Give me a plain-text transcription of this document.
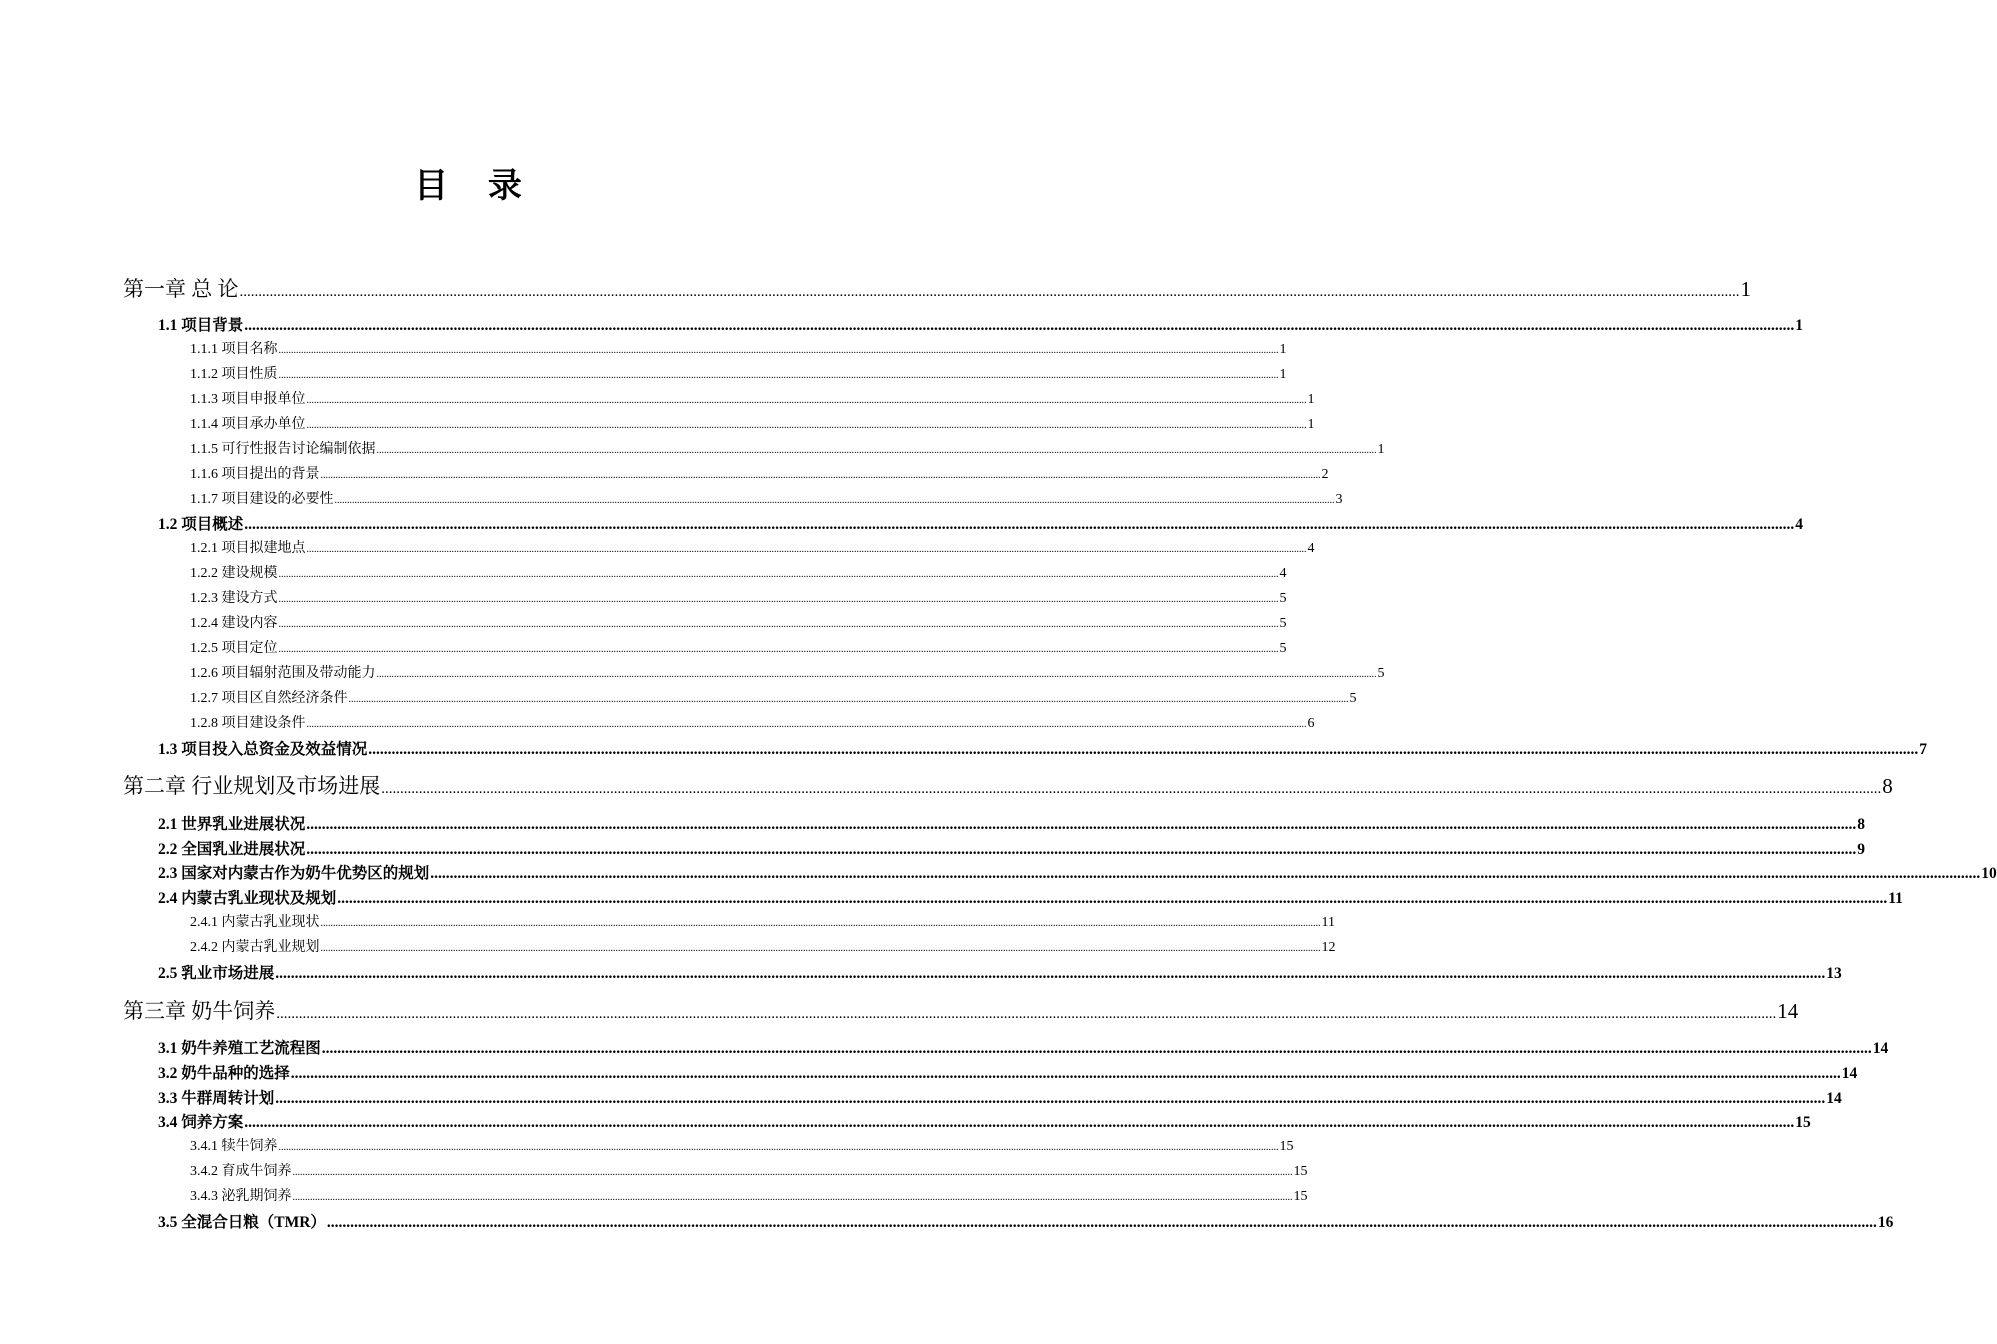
目 录
第一章 总 论 ................................................................................................................................................................................................................................................................................................................................................................................................................ 1
1.1 项目背景 ................................................................................................................................................................................................................................................................................................................................................................................................................ 1
1.1.1 项目名称 ................................................................................................................................................................................................................................................................................................................................................................................................................ 1
1.1.2 项目性质 ................................................................................................................................................................................................................................................................................................................................................................................................................ 1
1.1.3 项目申报单位 ................................................................................................................................................................................................................................................................................................................................................................................................................ 1
1.1.4 项目承办单位 ................................................................................................................................................................................................................................................................................................................................................................................................................ 1
1.1.5 可行性报告讨论编制依据 ................................................................................................................................................................................................................................................................................................................................................................................................................ 1
1.1.6 项目提出的背景 ................................................................................................................................................................................................................................................................................................................................................................................................................ 2
1.1.7 项目建设的必要性 ................................................................................................................................................................................................................................................................................................................................................................................................................ 3
1.2 项目概述 ................................................................................................................................................................................................................................................................................................................................................................................................................ 4
1.2.1 项目拟建地点 ................................................................................................................................................................................................................................................................................................................................................................................................................ 4
1.2.2 建设规模 ................................................................................................................................................................................................................................................................................................................................................................................................................ 4
1.2.3 建设方式 ................................................................................................................................................................................................................................................................................................................................................................................................................ 5
1.2.4 建设内容 ................................................................................................................................................................................................................................................................................................................................................................................................................ 5
1.2.5 项目定位 ................................................................................................................................................................................................................................................................................................................................................................................................................ 5
1.2.6 项目辐射范围及带动能力 ................................................................................................................................................................................................................................................................................................................................................................................................................ 5
1.2.7 项目区自然经济条件 ................................................................................................................................................................................................................................................................................................................................................................................................................ 5
1.2.8 项目建设条件 ................................................................................................................................................................................................................................................................................................................................................................................................................ 6
1.3 项目投入总资金及效益情况 ................................................................................................................................................................................................................................................................................................................................................................................................................ 7
第二章 行业规划及市场进展 ................................................................................................................................................................................................................................................................................................................................................................................................................ 8
2.1 世界乳业进展状况 ................................................................................................................................................................................................................................................................................................................................................................................................................ 8
2.2 全国乳业进展状况 ................................................................................................................................................................................................................................................................................................................................................................................................................ 9
2.3 国家对内蒙古作为奶牛优势区的规划 ................................................................................................................................................................................................................................................................................................................................................................................................................ 10
2.4 内蒙古乳业现状及规划 ................................................................................................................................................................................................................................................................................................................................................................................................................ 11
2.4.1 内蒙古乳业现状 ................................................................................................................................................................................................................................................................................................................................................................................................................ 11
2.4.2 内蒙古乳业规划 ................................................................................................................................................................................................................................................................................................................................................................................................................ 12
2.5 乳业市场进展 ................................................................................................................................................................................................................................................................................................................................................................................................................ 13
第三章 奶牛饲养 ................................................................................................................................................................................................................................................................................................................................................................................................................ 14
3.1 奶牛养殖工艺流程图 ................................................................................................................................................................................................................................................................................................................................................................................................................ 14
3.2 奶牛品种的选择 ................................................................................................................................................................................................................................................................................................................................................................................................................ 14
3.3 牛群周转计划 ................................................................................................................................................................................................................................................................................................................................................................................................................ 14
3.4 饲养方案 ................................................................................................................................................................................................................................................................................................................................................................................................................ 15
3.4.1 犊牛饲养 ................................................................................................................................................................................................................................................................................................................................................................................................................ 15
3.4.2 育成牛饲养 ................................................................................................................................................................................................................................................................................................................................................................................................................ 15
3.4.3 泌乳期饲养 ................................................................................................................................................................................................................................................................................................................................................................................................................ 15
3.5 全混合日粮（TMR） ................................................................................................................................................................................................................................................................................................................................................................................................................ 16
